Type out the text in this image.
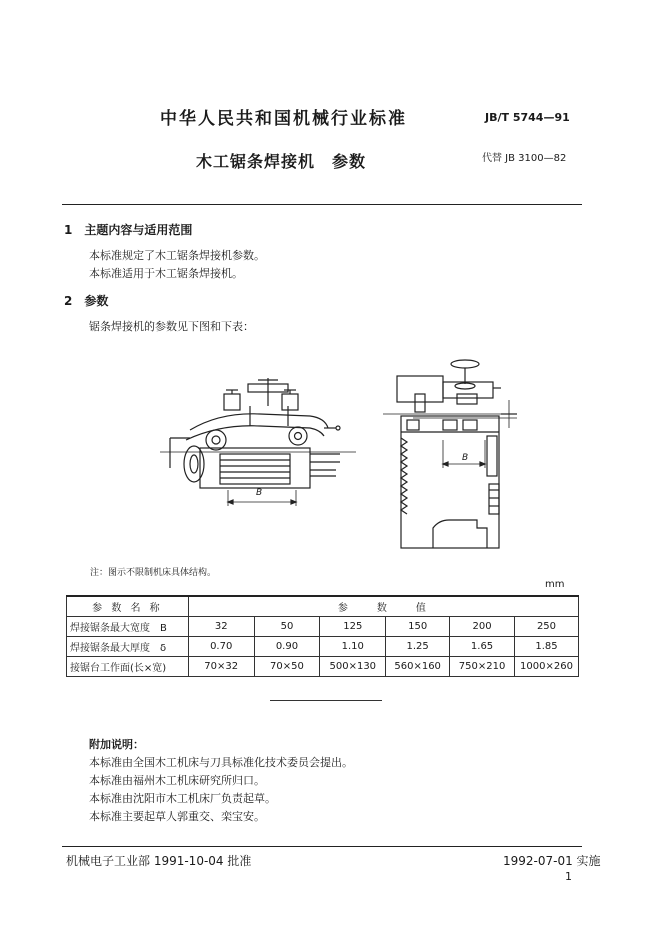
中华人民共和国机械行业标准	JB/T 5744—91
木工锯条焊接机　参数	代替 JB 3100—82
1　主题内容与适用范围
本标准规定了木工锯条焊接机参数。
本标准适用于木工锯条焊接机。
2　参数
锯条焊接机的参数见下图和下表：
B
B
注：图示不限制机床具体结构。
mm
参 数 名 称	参　　数　　值					
焊接锯条最大宽度　B	32	50	125	150	200	250
焊接锯条最大厚度　δ	0.70	0.90	1.10	1.25	1.65	1.85
接锯台工作面(长×宽)	70×32	70×50	500×130	560×160	750×210	1000×260
附加说明：
本标准由全国木工机床与刀具标准化技术委员会提出。
本标准由福州木工机床研究所归口。
本标准由沈阳市木工机床厂负责起草。
本标准主要起草人郭重交、栾宝安。
机械电子工业部 1991-10-04 批准	1992-07-01 实施
1
